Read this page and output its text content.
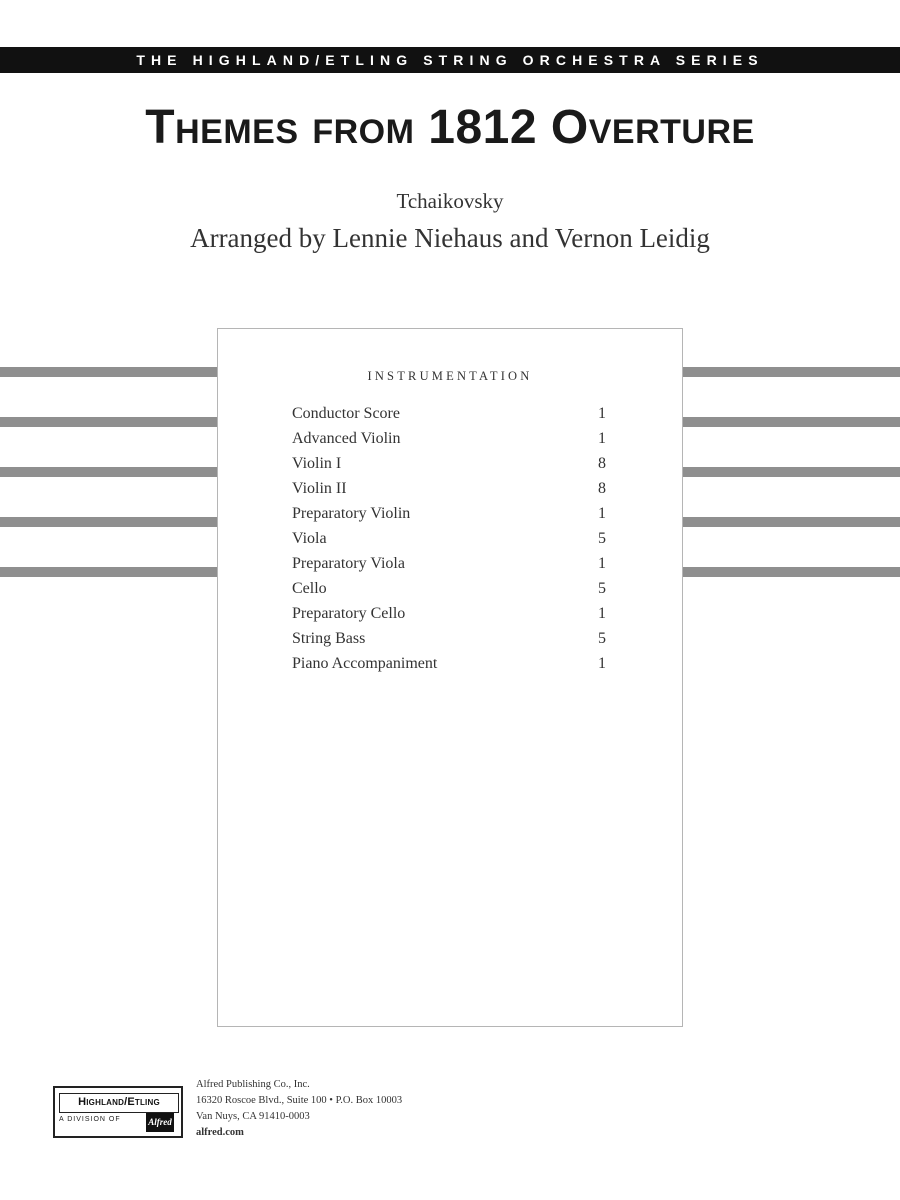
THE HIGHLAND/ETLING STRING ORCHESTRA SERIES
Themes from 1812 Overture
Tchaikovsky
Arranged by Lennie Niehaus and Vernon Leidig
INSTRUMENTATION
Conductor Score	1
Advanced Violin	1
Violin I	8
Violin II	8
Preparatory Violin	1
Viola	5
Preparatory Viola	1
Cello	5
Preparatory Cello	1
String Bass	5
Piano Accompaniment	1
Highland/Etling
A DIVISION OF	Alfred
Alfred Publishing Co., Inc.
16320 Roscoe Blvd., Suite 100 • P.O. Box 10003
Van Nuys, CA 91410-0003
alfred.com
